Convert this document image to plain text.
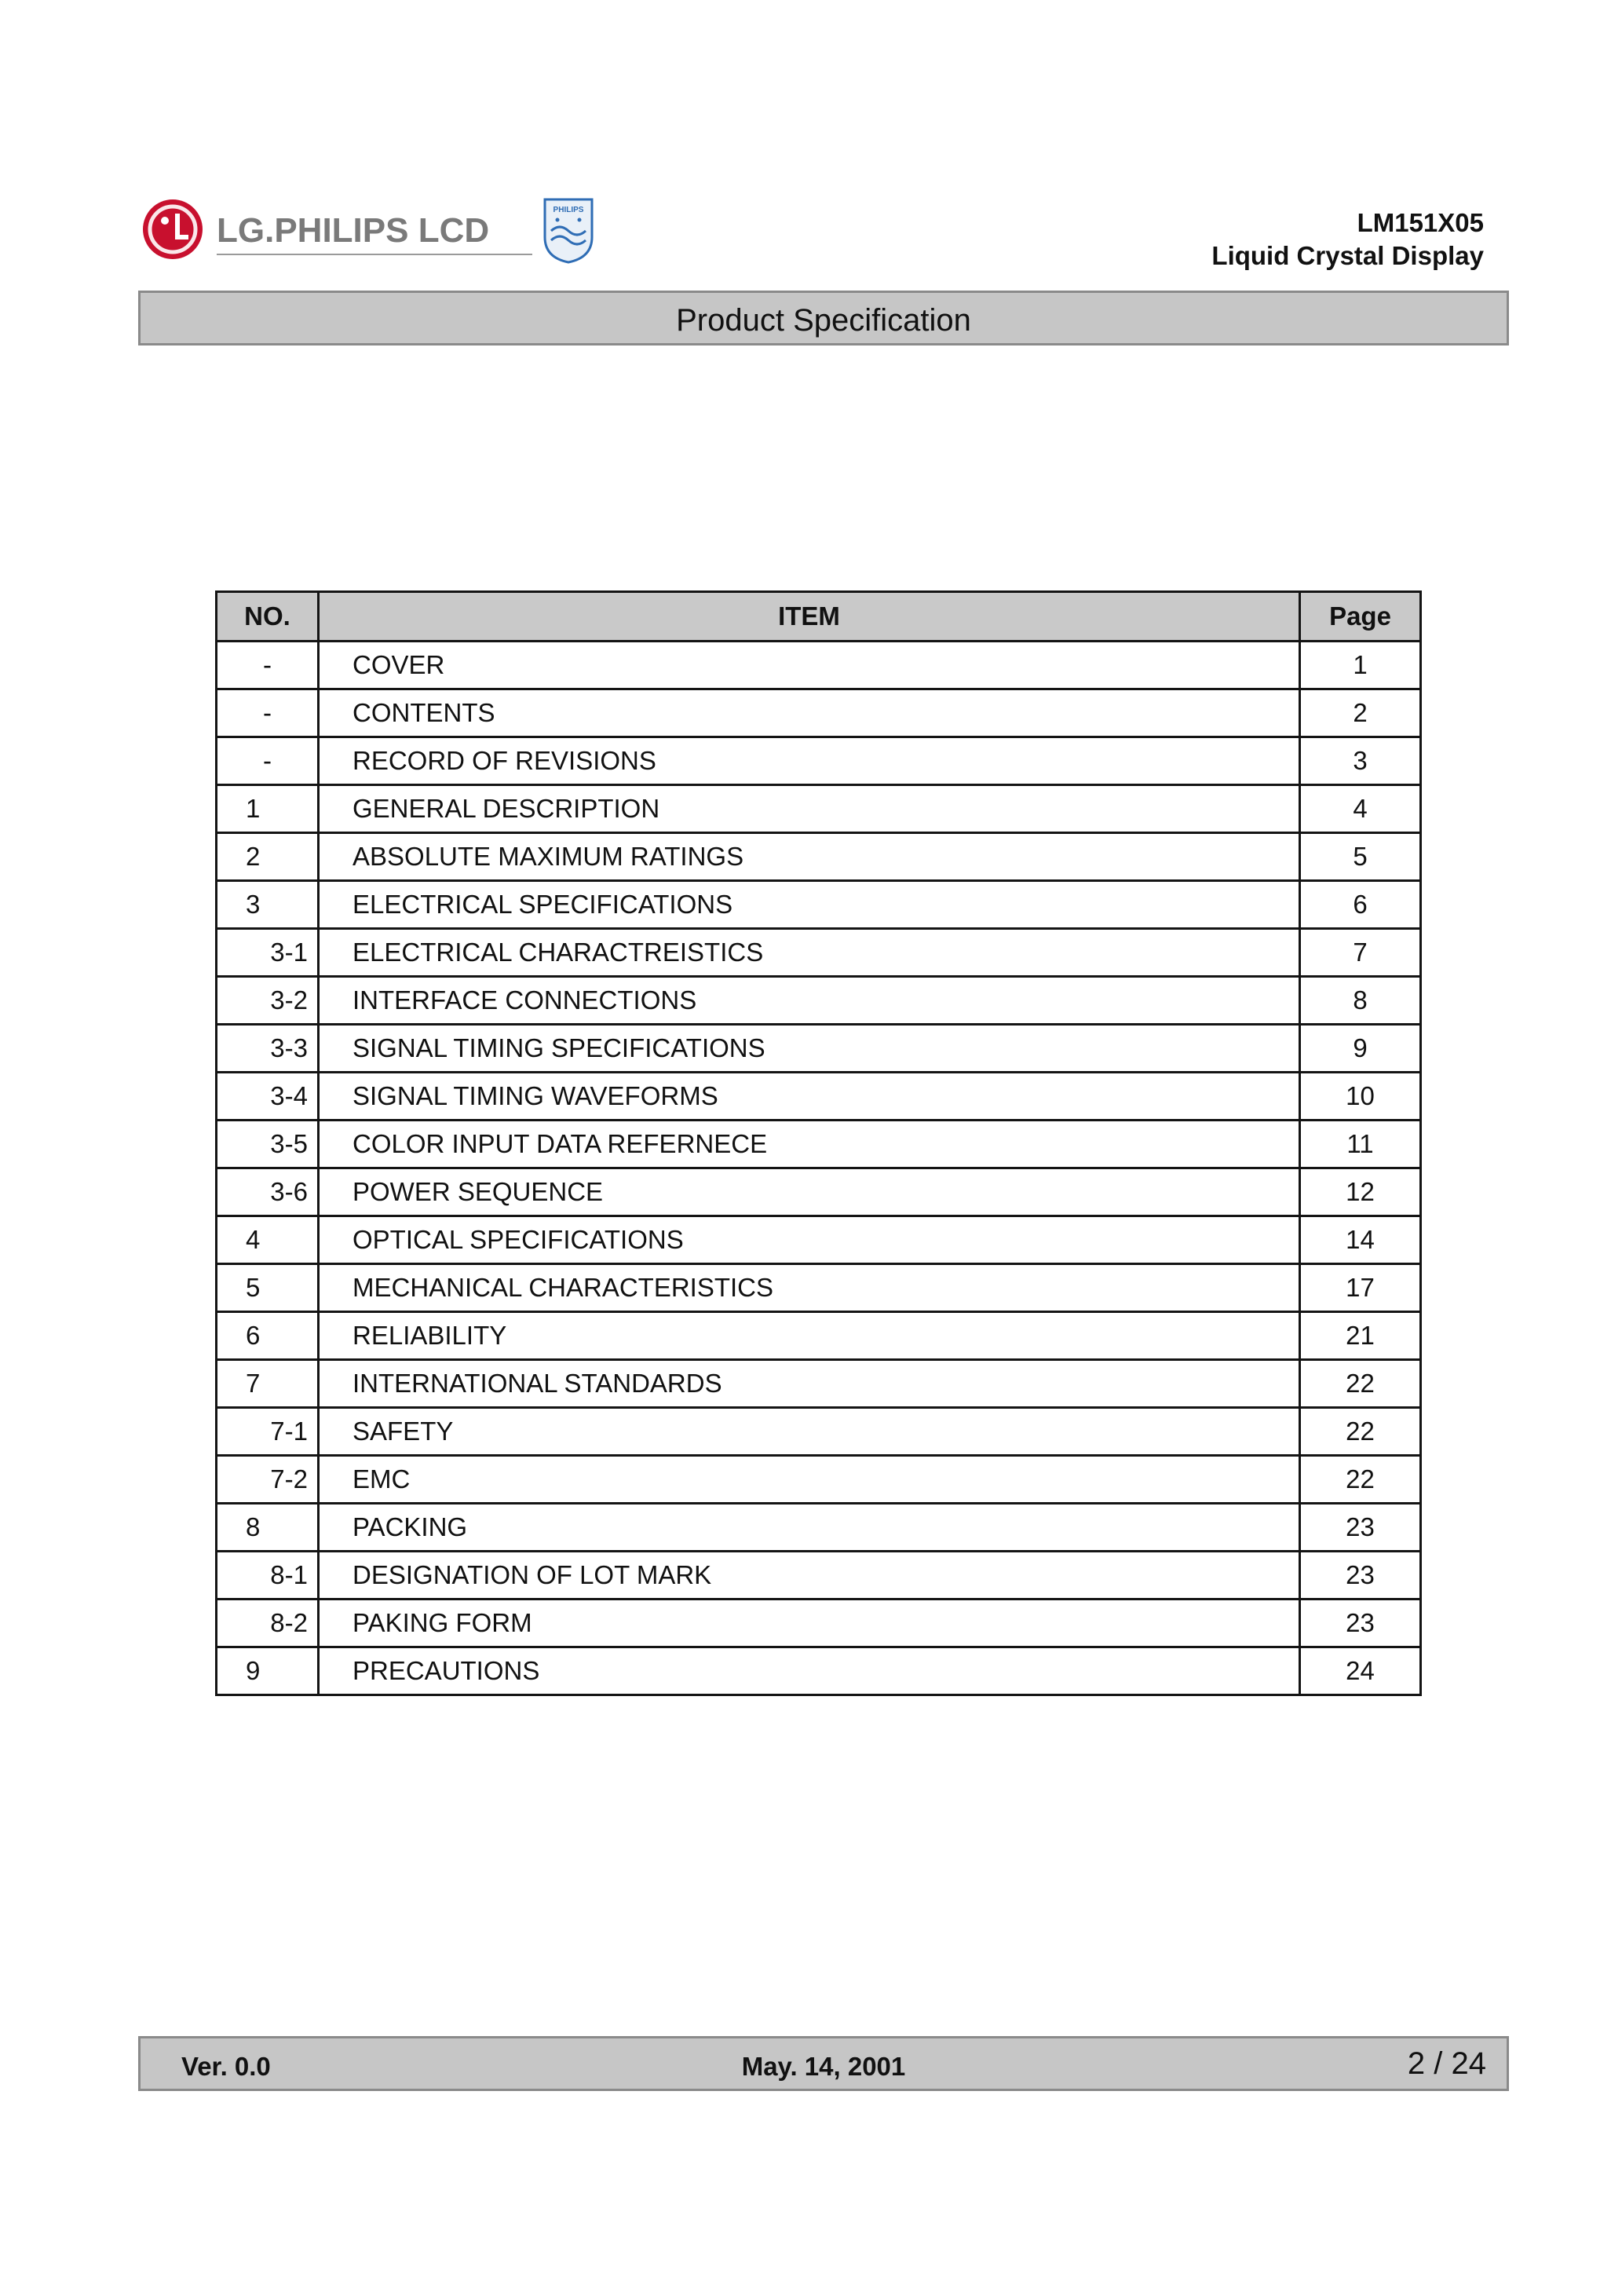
LG.PHILIPS LCD
PHILIPS	LM151X05
Liquid Crystal Display
Product Specification
NO.	ITEM	Page
-	COVER	1
-	CONTENTS	2
-	RECORD OF REVISIONS	3
1	GENERAL DESCRIPTION	4
2	ABSOLUTE MAXIMUM RATINGS	5
3	ELECTRICAL SPECIFICATIONS	6
3-1	ELECTRICAL CHARACTREISTICS	7
3-2	INTERFACE CONNECTIONS	8
3-3	SIGNAL TIMING SPECIFICATIONS	9
3-4	SIGNAL TIMING WAVEFORMS	10
3-5	COLOR INPUT DATA REFERNECE	11
3-6	POWER SEQUENCE	12
4	OPTICAL SPECIFICATIONS	14
5	MECHANICAL CHARACTERISTICS	17
6	RELIABILITY	21
7	INTERNATIONAL STANDARDS	22
7-1	SAFETY	22
7-2	EMC	22
8	PACKING	23
8-1	DESIGNATION OF LOT MARK	23
8-2	PAKING FORM	23
9	PRECAUTIONS	24
Ver. 0.0	May. 14, 2001	2 / 24
